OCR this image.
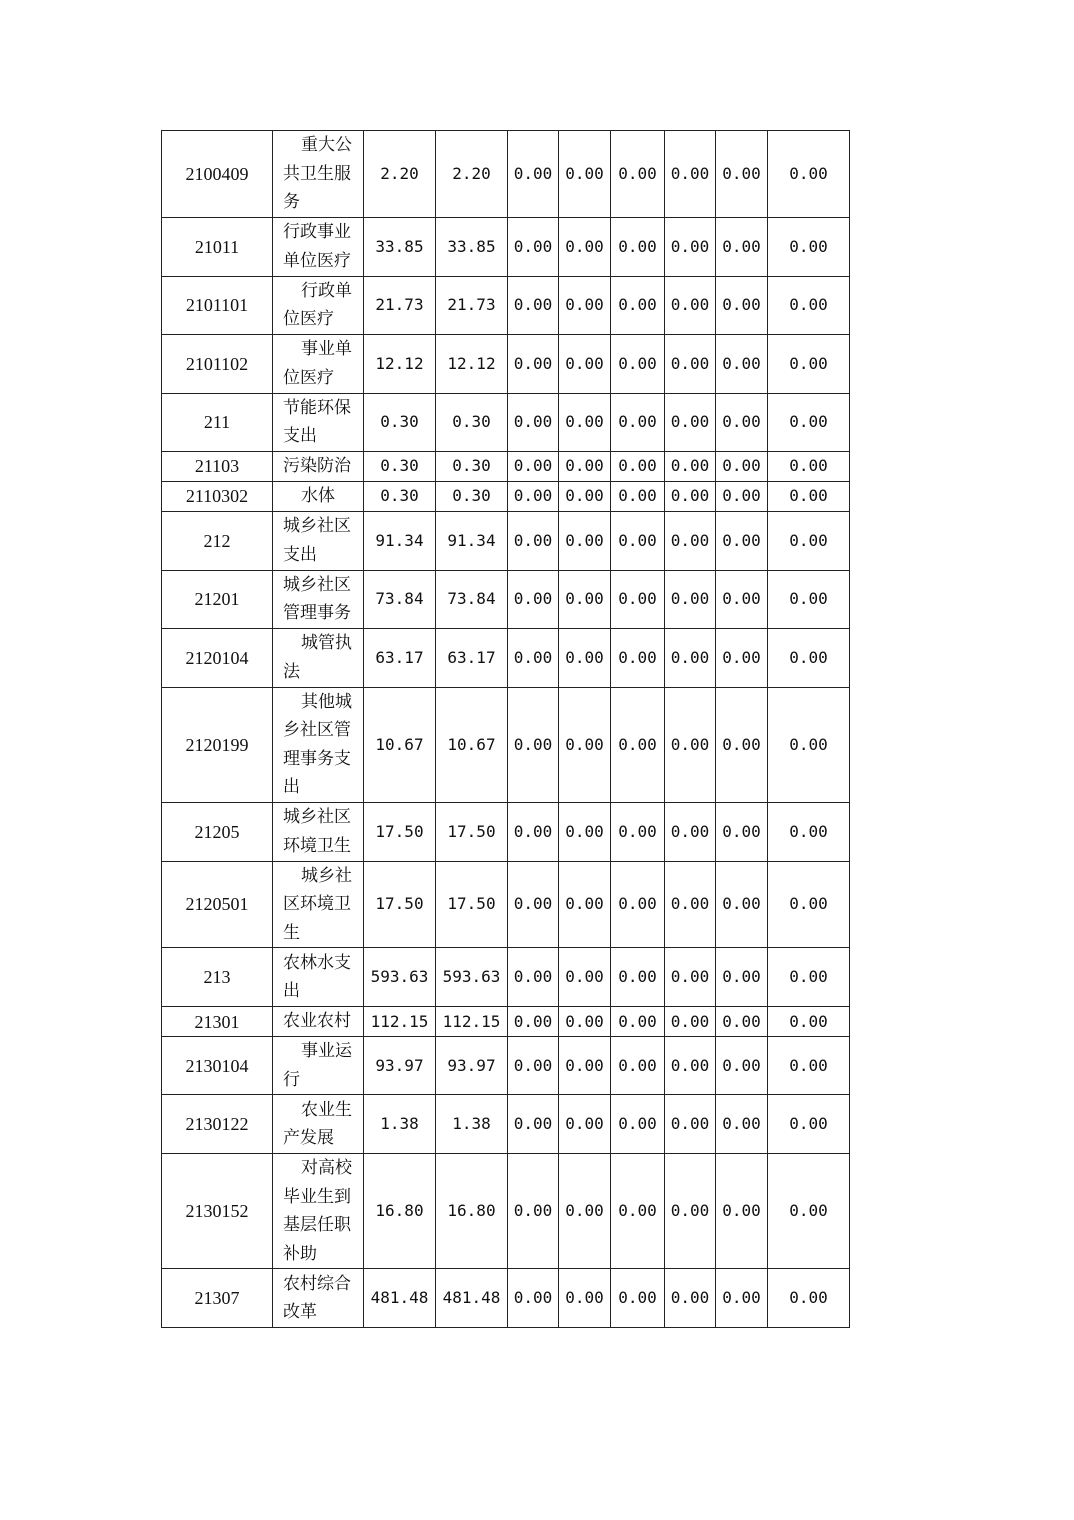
2100409	重大公共卫生服务	2.20	2.20	0.00	0.00	0.00	0.00	0.00	0.00
21011	行政事业单位医疗	33.85	33.85	0.00	0.00	0.00	0.00	0.00	0.00
2101101	行政单位医疗	21.73	21.73	0.00	0.00	0.00	0.00	0.00	0.00
2101102	事业单位医疗	12.12	12.12	0.00	0.00	0.00	0.00	0.00	0.00
211	节能环保支出	0.30	0.30	0.00	0.00	0.00	0.00	0.00	0.00
21103	污染防治	0.30	0.30	0.00	0.00	0.00	0.00	0.00	0.00
2110302	水体	0.30	0.30	0.00	0.00	0.00	0.00	0.00	0.00
212	城乡社区支出	91.34	91.34	0.00	0.00	0.00	0.00	0.00	0.00
21201	城乡社区管理事务	73.84	73.84	0.00	0.00	0.00	0.00	0.00	0.00
2120104	城管执法	63.17	63.17	0.00	0.00	0.00	0.00	0.00	0.00
2120199	其他城乡社区管理事务支出	10.67	10.67	0.00	0.00	0.00	0.00	0.00	0.00
21205	城乡社区环境卫生	17.50	17.50	0.00	0.00	0.00	0.00	0.00	0.00
2120501	城乡社区环境卫生	17.50	17.50	0.00	0.00	0.00	0.00	0.00	0.00
213	农林水支出	593.63	593.63	0.00	0.00	0.00	0.00	0.00	0.00
21301	农业农村	112.15	112.15	0.00	0.00	0.00	0.00	0.00	0.00
2130104	事业运行	93.97	93.97	0.00	0.00	0.00	0.00	0.00	0.00
2130122	农业生产发展	1.38	1.38	0.00	0.00	0.00	0.00	0.00	0.00
2130152	对高校毕业生到基层任职补助	16.80	16.80	0.00	0.00	0.00	0.00	0.00	0.00
21307	农村综合改革	481.48	481.48	0.00	0.00	0.00	0.00	0.00	0.00
